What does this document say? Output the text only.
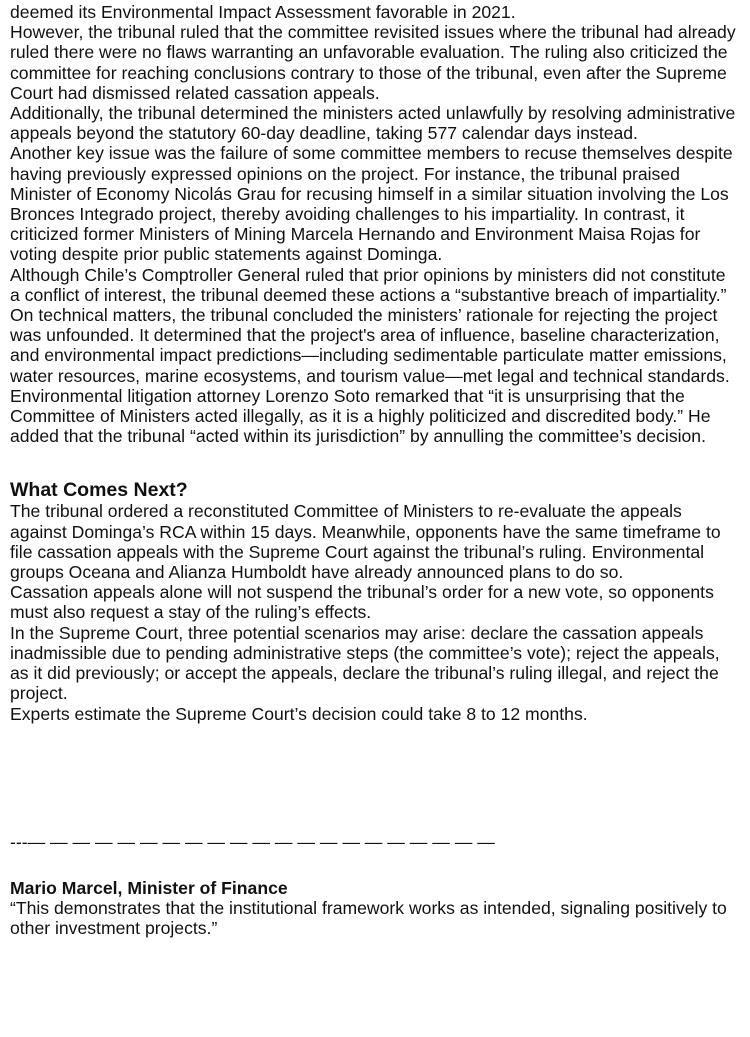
deemed its Environmental Impact Assessment favorable in 2021.

However, the tribunal ruled that the committee revisited issues where the tribunal had already ruled there were no flaws warranting an unfavorable evaluation. The ruling also criticized the committee for reaching conclusions contrary to those of the tribunal, even after the Supreme Court had dismissed related cassation appeals.

Additionally, the tribunal determined the ministers acted unlawfully by resolving administrative appeals beyond the statutory 60-day deadline, taking 577 calendar days instead.

Another key issue was the failure of some committee members to recuse themselves despite having previously expressed opinions on the project. For instance, the tribunal praised Minister of Economy Nicolás Grau for recusing himself in a similar situation involving the Los Bronces Integrado project, thereby avoiding challenges to his impartiality. In contrast, it criticized former Ministers of Mining Marcela Hernando and Environment Maisa Rojas for voting despite prior public statements against Dominga.

Although Chile’s Comptroller General ruled that prior opinions by ministers did not constitute a conflict of interest, the tribunal deemed these actions a “substantive breach of impartiality.”

On technical matters, the tribunal concluded the ministers’ rationale for rejecting the project was unfounded. It determined that the project's area of influence, baseline characterization, and environmental impact predictions—including sedimentable particulate matter emissions, water resources, marine ecosystems, and tourism value—met legal and technical standards.

Environmental litigation attorney Lorenzo Soto remarked that “it is unsurprising that the Committee of Ministers acted illegally, as it is a highly politicized and discredited body.” He added that the tribunal “acted within its jurisdiction” by annulling the committee’s decision.

What Comes Next?

The tribunal ordered a reconstituted Committee of Ministers to re-evaluate the appeals against Dominga’s RCA within 15 days. Meanwhile, opponents have the same timeframe to file cassation appeals with the Supreme Court against the tribunal’s ruling. Environmental groups Oceana and Alianza Humboldt have already announced plans to do so.

Cassation appeals alone will not suspend the tribunal’s order for a new vote, so opponents must also request a stay of the ruling’s effects.

In the Supreme Court, three potential scenarios may arise: declare the cassation appeals inadmissible due to pending administrative steps (the committee’s vote); reject the appeals, as it did previously; or accept the appeals, declare the tribunal’s ruling illegal, and reject the project.

Experts estimate the Supreme Court’s decision could take 8 to 12 months.

---— — — — — — — — — — — — — — — — — — — — —

Mario Marcel, Minister of Finance

“This demonstrates that the institutional framework works as intended, signaling positively to other investment projects.”
